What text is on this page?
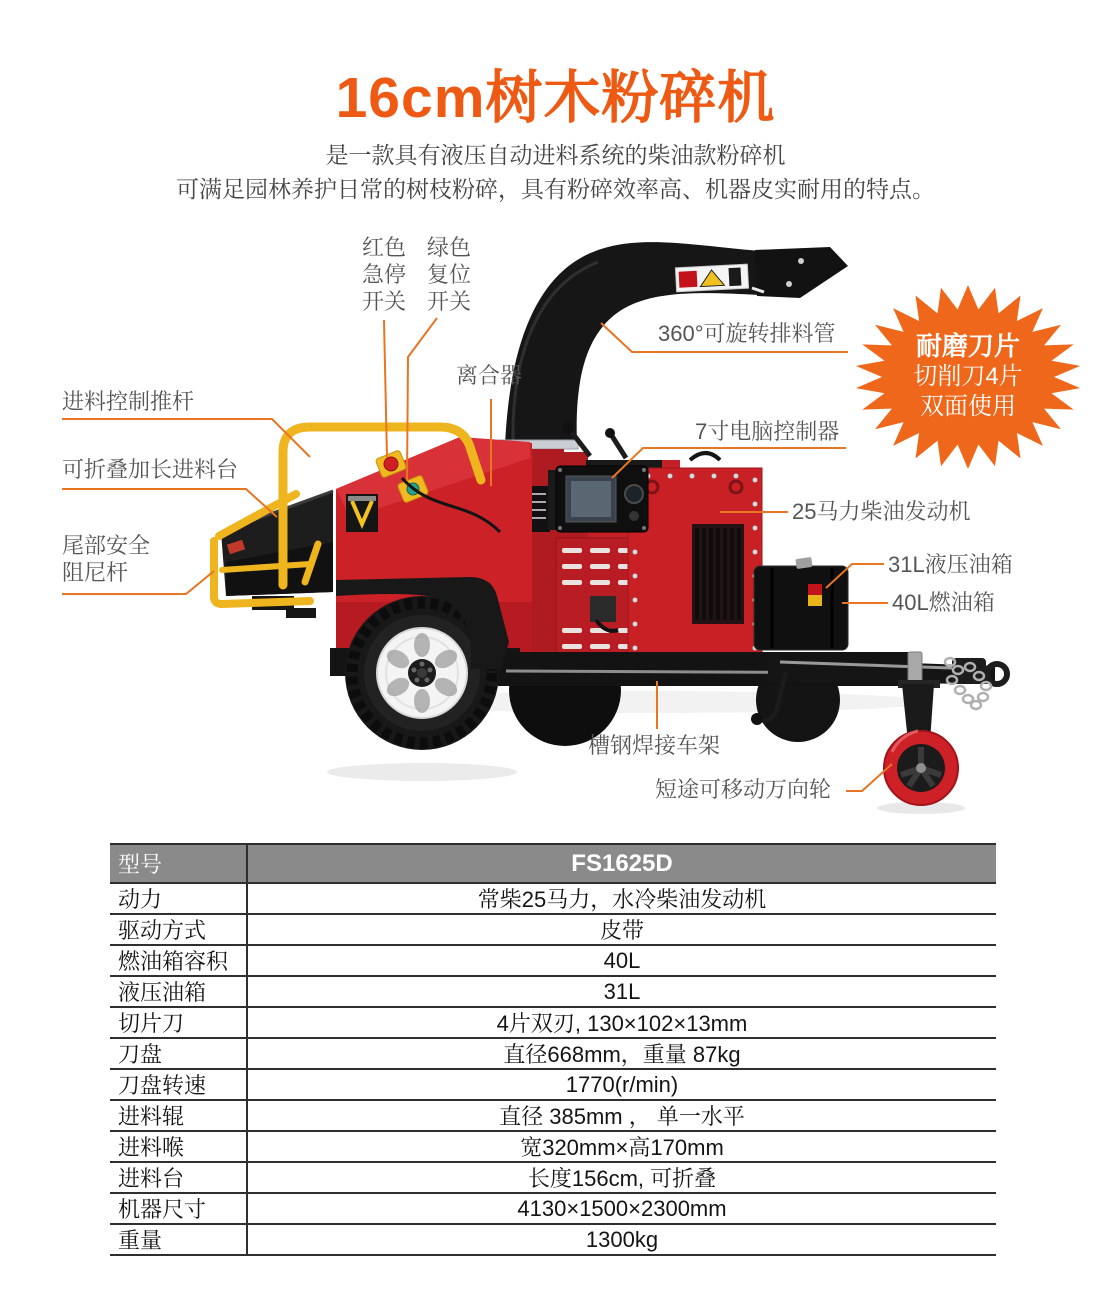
16cm树木粉碎机
是一款具有液压自动进料系统的柴油款粉碎机
可满足园林养护日常的树枝粉碎，具有粉碎效率高、机器皮实耐用的特点。
红色
急停
开关
绿色
复位
开关
离合器
360°可旋转排料管
7寸电脑控制器
25马力柴油发动机
31L液压油箱
40L燃油箱
进料控制推杆
可折叠加长进料台
尾部安全
阻尼杆
槽钢焊接车架
短途可移动万向轮
耐磨刀片
切削刀4片
双面使用
型号	FS1625D
动力	常柴25马力，水冷柴油发动机
驱动方式	皮带
燃油箱容积	40L
液压油箱	31L
切片刀	4片双刃, 130×102×13mm
刀盘	直径668mm，重量 87kg
刀盘转速	1770(r/min)
进料辊	直径 385mm ， 单一水平
进料喉	宽320mm×高170mm
进料台	长度156cm, 可折叠
机器尺寸	4130×1500×2300mm
重量	1300kg
